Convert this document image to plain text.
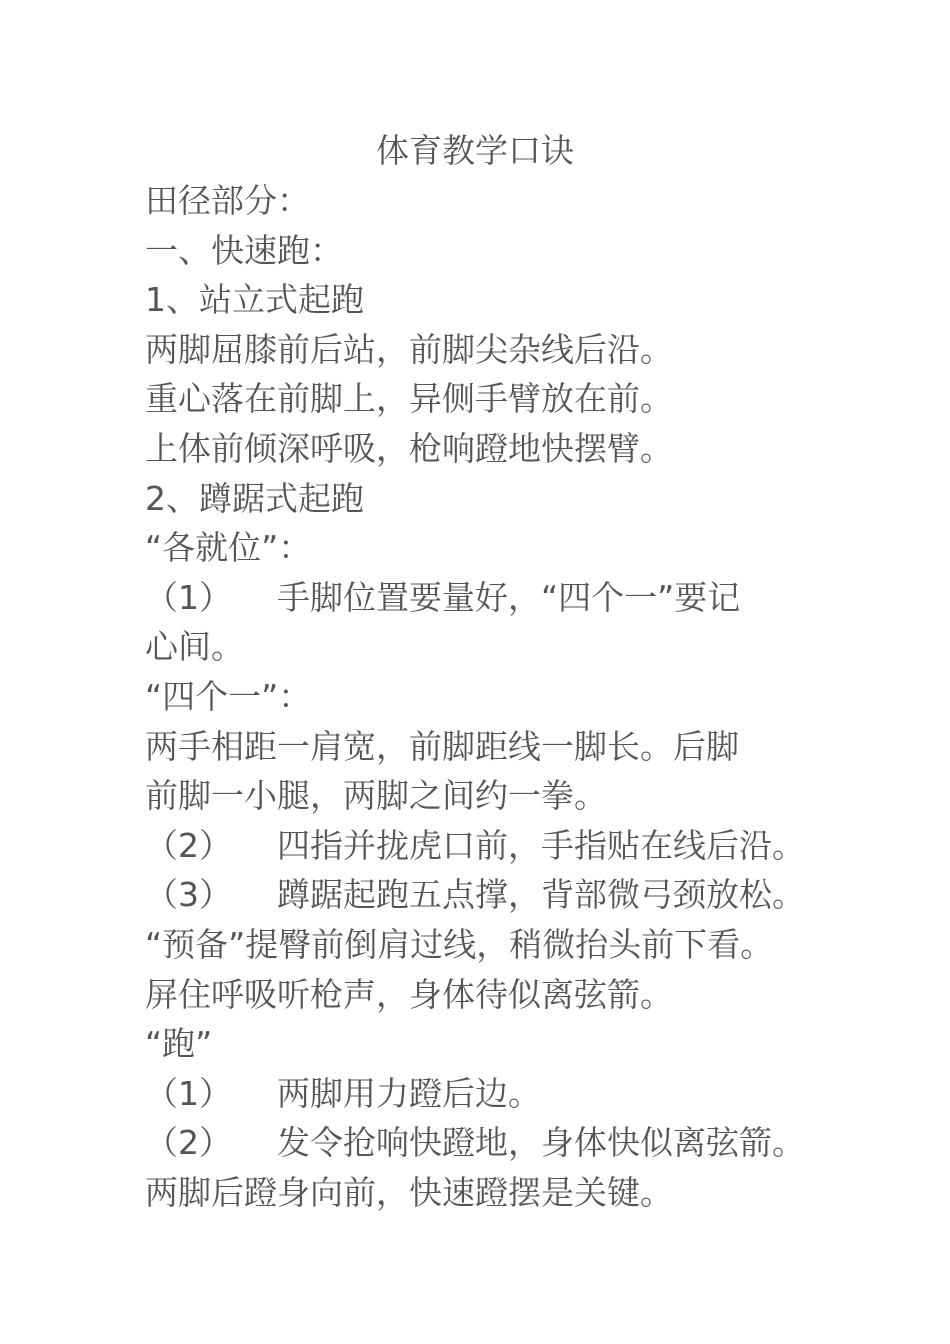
体育教学口诀
田径部分：
一、快速跑：
1、站立式起跑
两脚屈膝前后站，前脚尖杂线后沿。
重心落在前脚上，异侧手臂放在前。
上体前倾深呼吸，枪响蹬地快摆臂。
2、蹲踞式起跑
“各就位”：
（1） 手脚位置要量好，“四个一”要记
心间。
“四个一”：
两手相距一肩宽，前脚距线一脚长。后脚
前脚一小腿，两脚之间约一拳。
（2） 四指并拢虎口前，手指贴在线后沿。
（3） 蹲踞起跑五点撑，背部微弓颈放松。
“预备”提臀前倒肩过线，稍微抬头前下看。
屏住呼吸听枪声，身体待似离弦箭。
“跑”
（1） 两脚用力蹬后边。
（2） 发令抢响快蹬地，身体快似离弦箭。
两脚后蹬身向前，快速蹬摆是关键。
